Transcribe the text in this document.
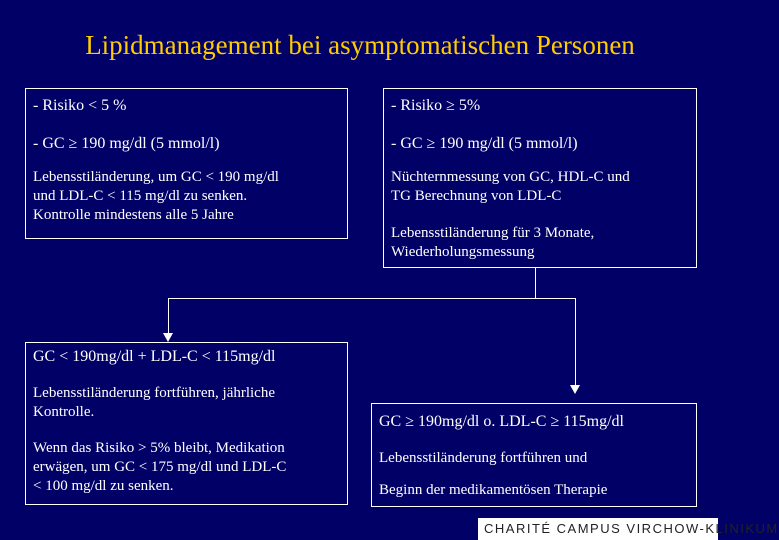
Lipidmanagement bei asymptomatischen Personen
- Risiko < 5 %
- GC ≥ 190 mg/dl (5 mmol/l)
Lebensstiländerung, um GC < 190 mg/dl
und LDL-C < 115 mg/dl zu senken.
Kontrolle mindestens alle 5 Jahre
- Risiko ≥ 5%
- GC ≥ 190 mg/dl (5 mmol/l)
Nüchternmessung von GC, HDL-C und
TG Berechnung von LDL-C
Lebensstiländerung für 3 Monate,
Wiederholungsmessung
GC < 190mg/dl + LDL-C < 115mg/dl
Lebensstiländerung fortführen, jährliche
Kontrolle.
Wenn das Risiko > 5% bleibt, Medikation
erwägen, um GC < 175 mg/dl und LDL-C
< 100 mg/dl zu senken.
GC ≥ 190mg/dl o. LDL-C ≥ 115mg/dl
Lebensstiländerung fortführen und
Beginn der medikamentösen Therapie
CHARITÉ CAMPUS VIRCHOW-KLINIKUM
